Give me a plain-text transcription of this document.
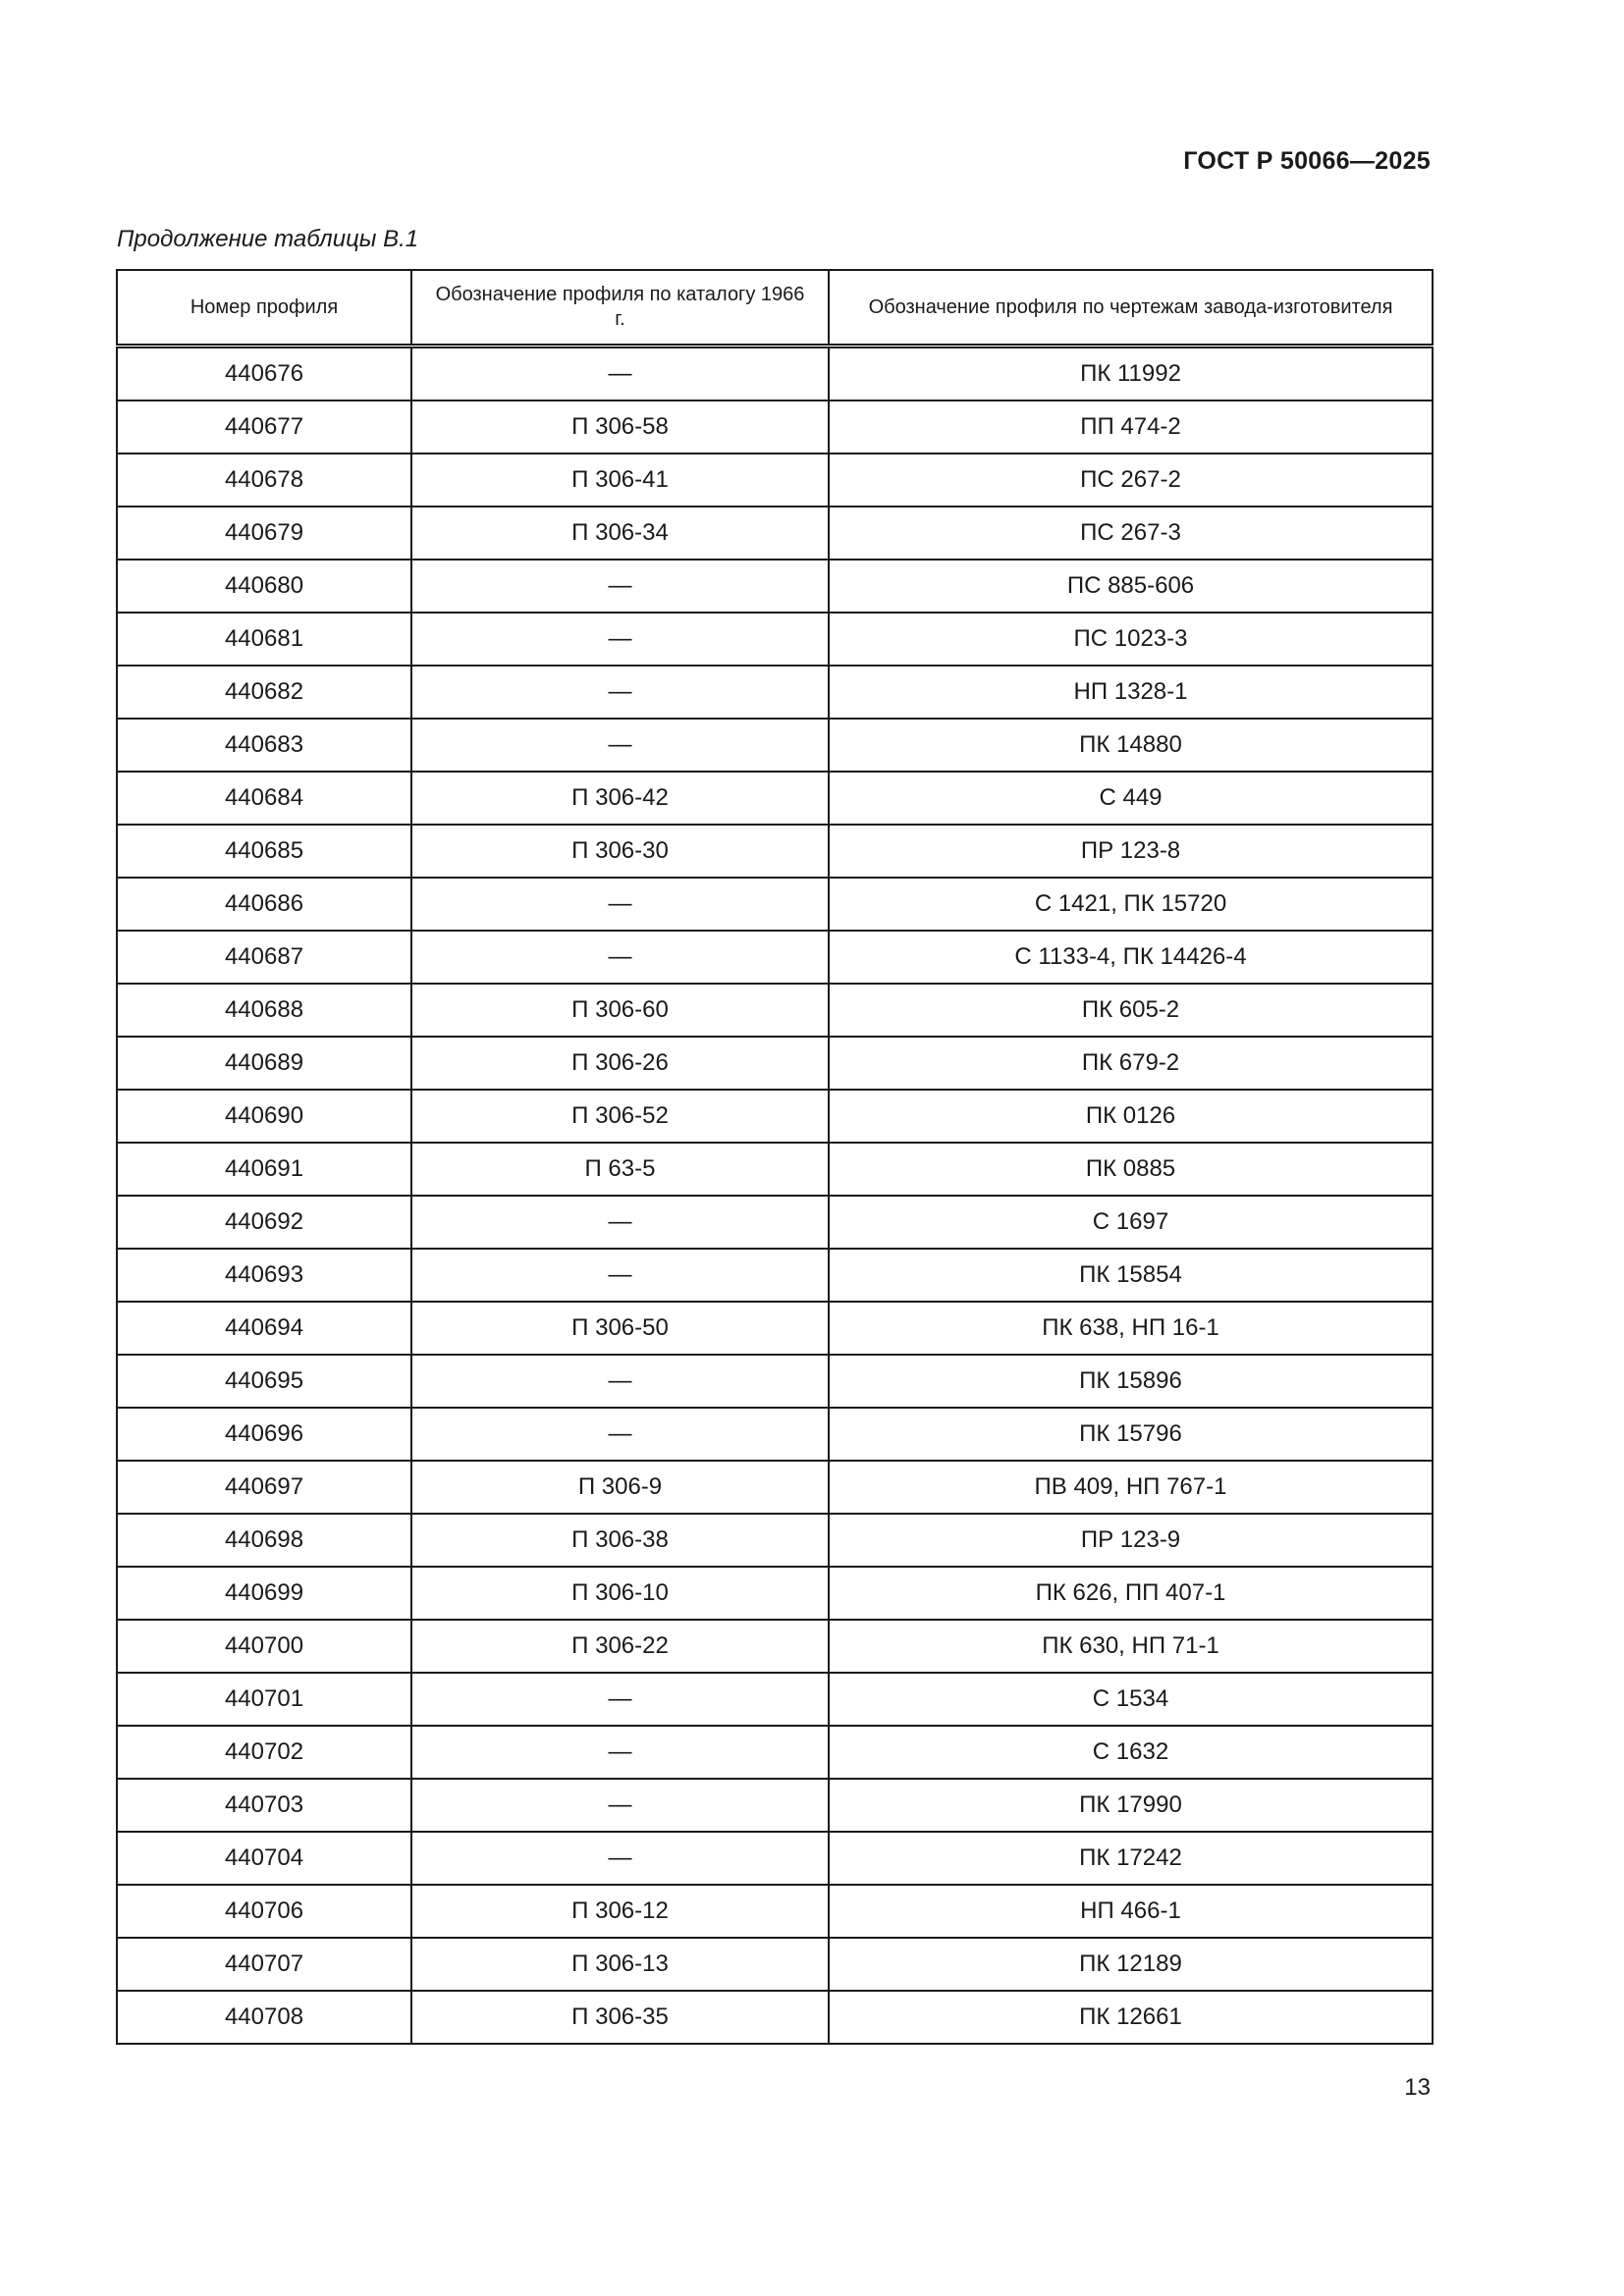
ГОСТ Р 50066—2025
Продолжение таблицы В.1
Номер профиля	Обозначение профиля по каталогу 1966 г.	Обозначение профиля по чертежам завода-изготовителя
440676	—	ПК 11992
440677	П 306-58	ПП 474-2
440678	П 306-41	ПС 267-2
440679	П 306-34	ПС 267-3
440680	—	ПС 885-606
440681	—	ПС 1023-3
440682	—	НП 1328-1
440683	—	ПК 14880
440684	П 306-42	С 449
440685	П 306-30	ПР 123-8
440686	—	С 1421, ПК 15720
440687	—	С 1133-4, ПК 14426-4
440688	П 306-60	ПК 605-2
440689	П 306-26	ПК 679-2
440690	П 306-52	ПК 0126
440691	П 63-5	ПК 0885
440692	—	С 1697
440693	—	ПК 15854
440694	П 306-50	ПК 638, НП 16-1
440695	—	ПК 15896
440696	—	ПК 15796
440697	П 306-9	ПВ 409, НП 767-1
440698	П 306-38	ПР 123-9
440699	П 306-10	ПК 626, ПП 407-1
440700	П 306-22	ПК 630, НП 71-1
440701	—	С 1534
440702	—	С 1632
440703	—	ПК 17990
440704	—	ПК 17242
440706	П 306-12	НП 466-1
440707	П 306-13	ПК 12189
440708	П 306-35	ПК 12661
13
